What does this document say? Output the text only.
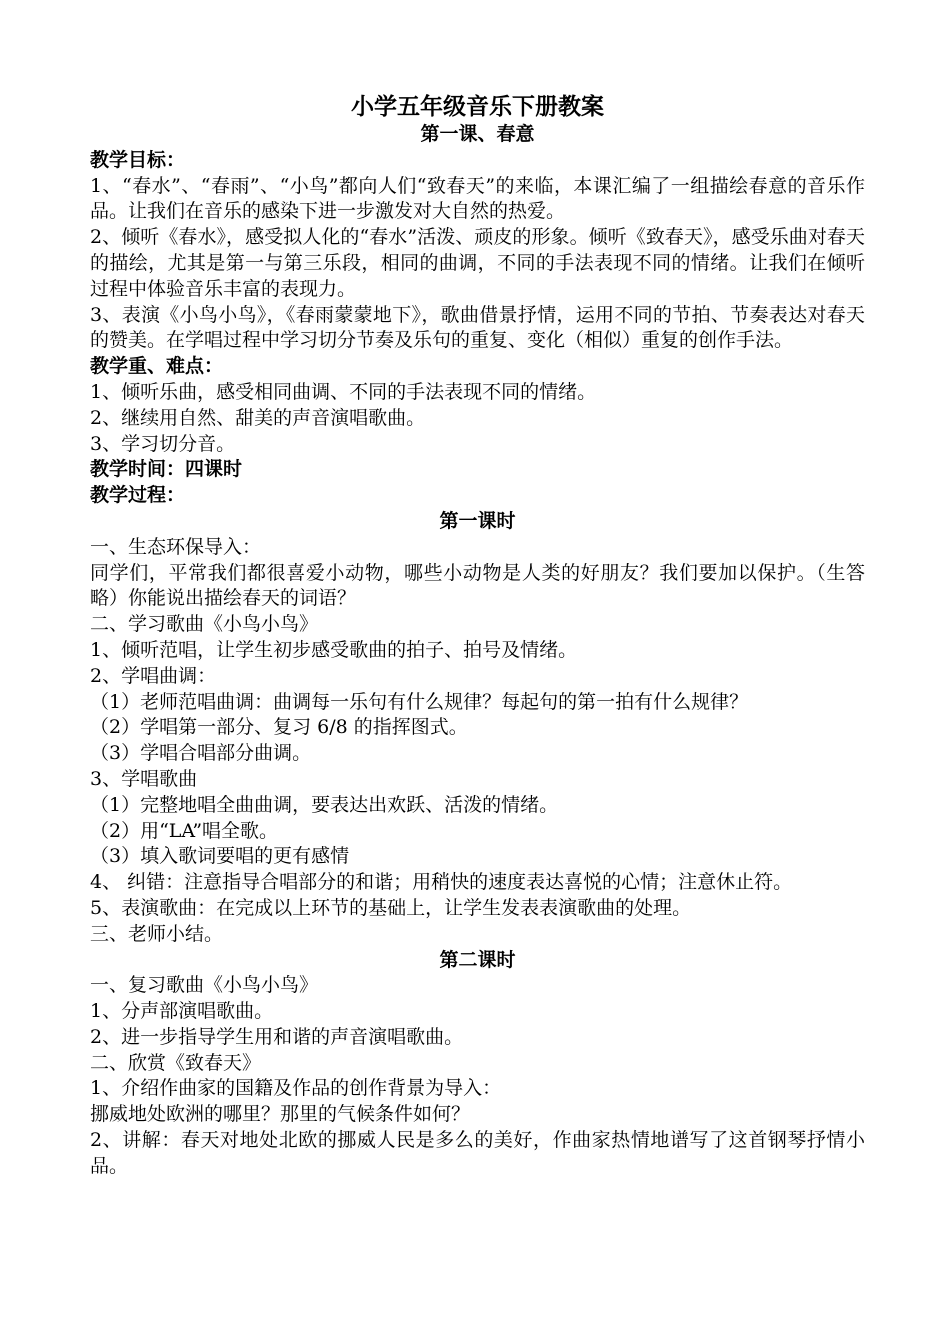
小学五年级音乐下册教案

第一课、春意

教学目标：

1、“春水”、“春雨”、“小鸟”都向人们“致春天”的来临，本课汇编了一组描绘春意的音乐作品。让我们在音乐的感染下进一步激发对大自然的热爱。

2、倾听《春水》，感受拟人化的“春水”活泼、顽皮的形象。倾听《致春天》，感受乐曲对春天的描绘，尤其是第一与第三乐段，相同的曲调，不同的手法表现不同的情绪。让我们在倾听过程中体验音乐丰富的表现力。

3、表演《小鸟小鸟》，《春雨蒙蒙地下》，歌曲借景抒情，运用不同的节拍、节奏表达对春天的赞美。在学唱过程中学习切分节奏及乐句的重复、变化（相似）重复的创作手法。

教学重、难点：

1、倾听乐曲，感受相同曲调、不同的手法表现不同的情绪。

2、继续用自然、甜美的声音演唱歌曲。

3、学习切分音。

教学时间：四课时

教学过程：

第一课时

一、生态环保导入：

同学们，平常我们都很喜爱小动物，哪些小动物是人类的好朋友？我们要加以保护。（生答略）你能说出描绘春天的词语？

二、学习歌曲《小鸟小鸟》

1、倾听范唱，让学生初步感受歌曲的拍子、拍号及情绪。

2、学唱曲调：

（1）老师范唱曲调：曲调每一乐句有什么规律？每起句的第一拍有什么规律？

（2）学唱第一部分、复习 6/8 的指挥图式。

（3）学唱合唱部分曲调。

3、学唱歌曲

（1）完整地唱全曲曲调，要表达出欢跃、活泼的情绪。

（2）用“LA”唱全歌。

（3）填入歌词要唱的更有感情

4、 纠错：注意指导合唱部分的和谐；用稍快的速度表达喜悦的心情；注意休止符。

5、表演歌曲：在完成以上环节的基础上，让学生发表表演歌曲的处理。

三、老师小结。

第二课时

一、复习歌曲《小鸟小鸟》

1、分声部演唱歌曲。

2、进一步指导学生用和谐的声音演唱歌曲。

二、欣赏《致春天》

1、介绍作曲家的国籍及作品的创作背景为导入：

挪威地处欧洲的哪里？那里的气候条件如何？

2、讲解：春天对地处北欧的挪威人民是多么的美好，作曲家热情地谱写了这首钢琴抒情小品。
